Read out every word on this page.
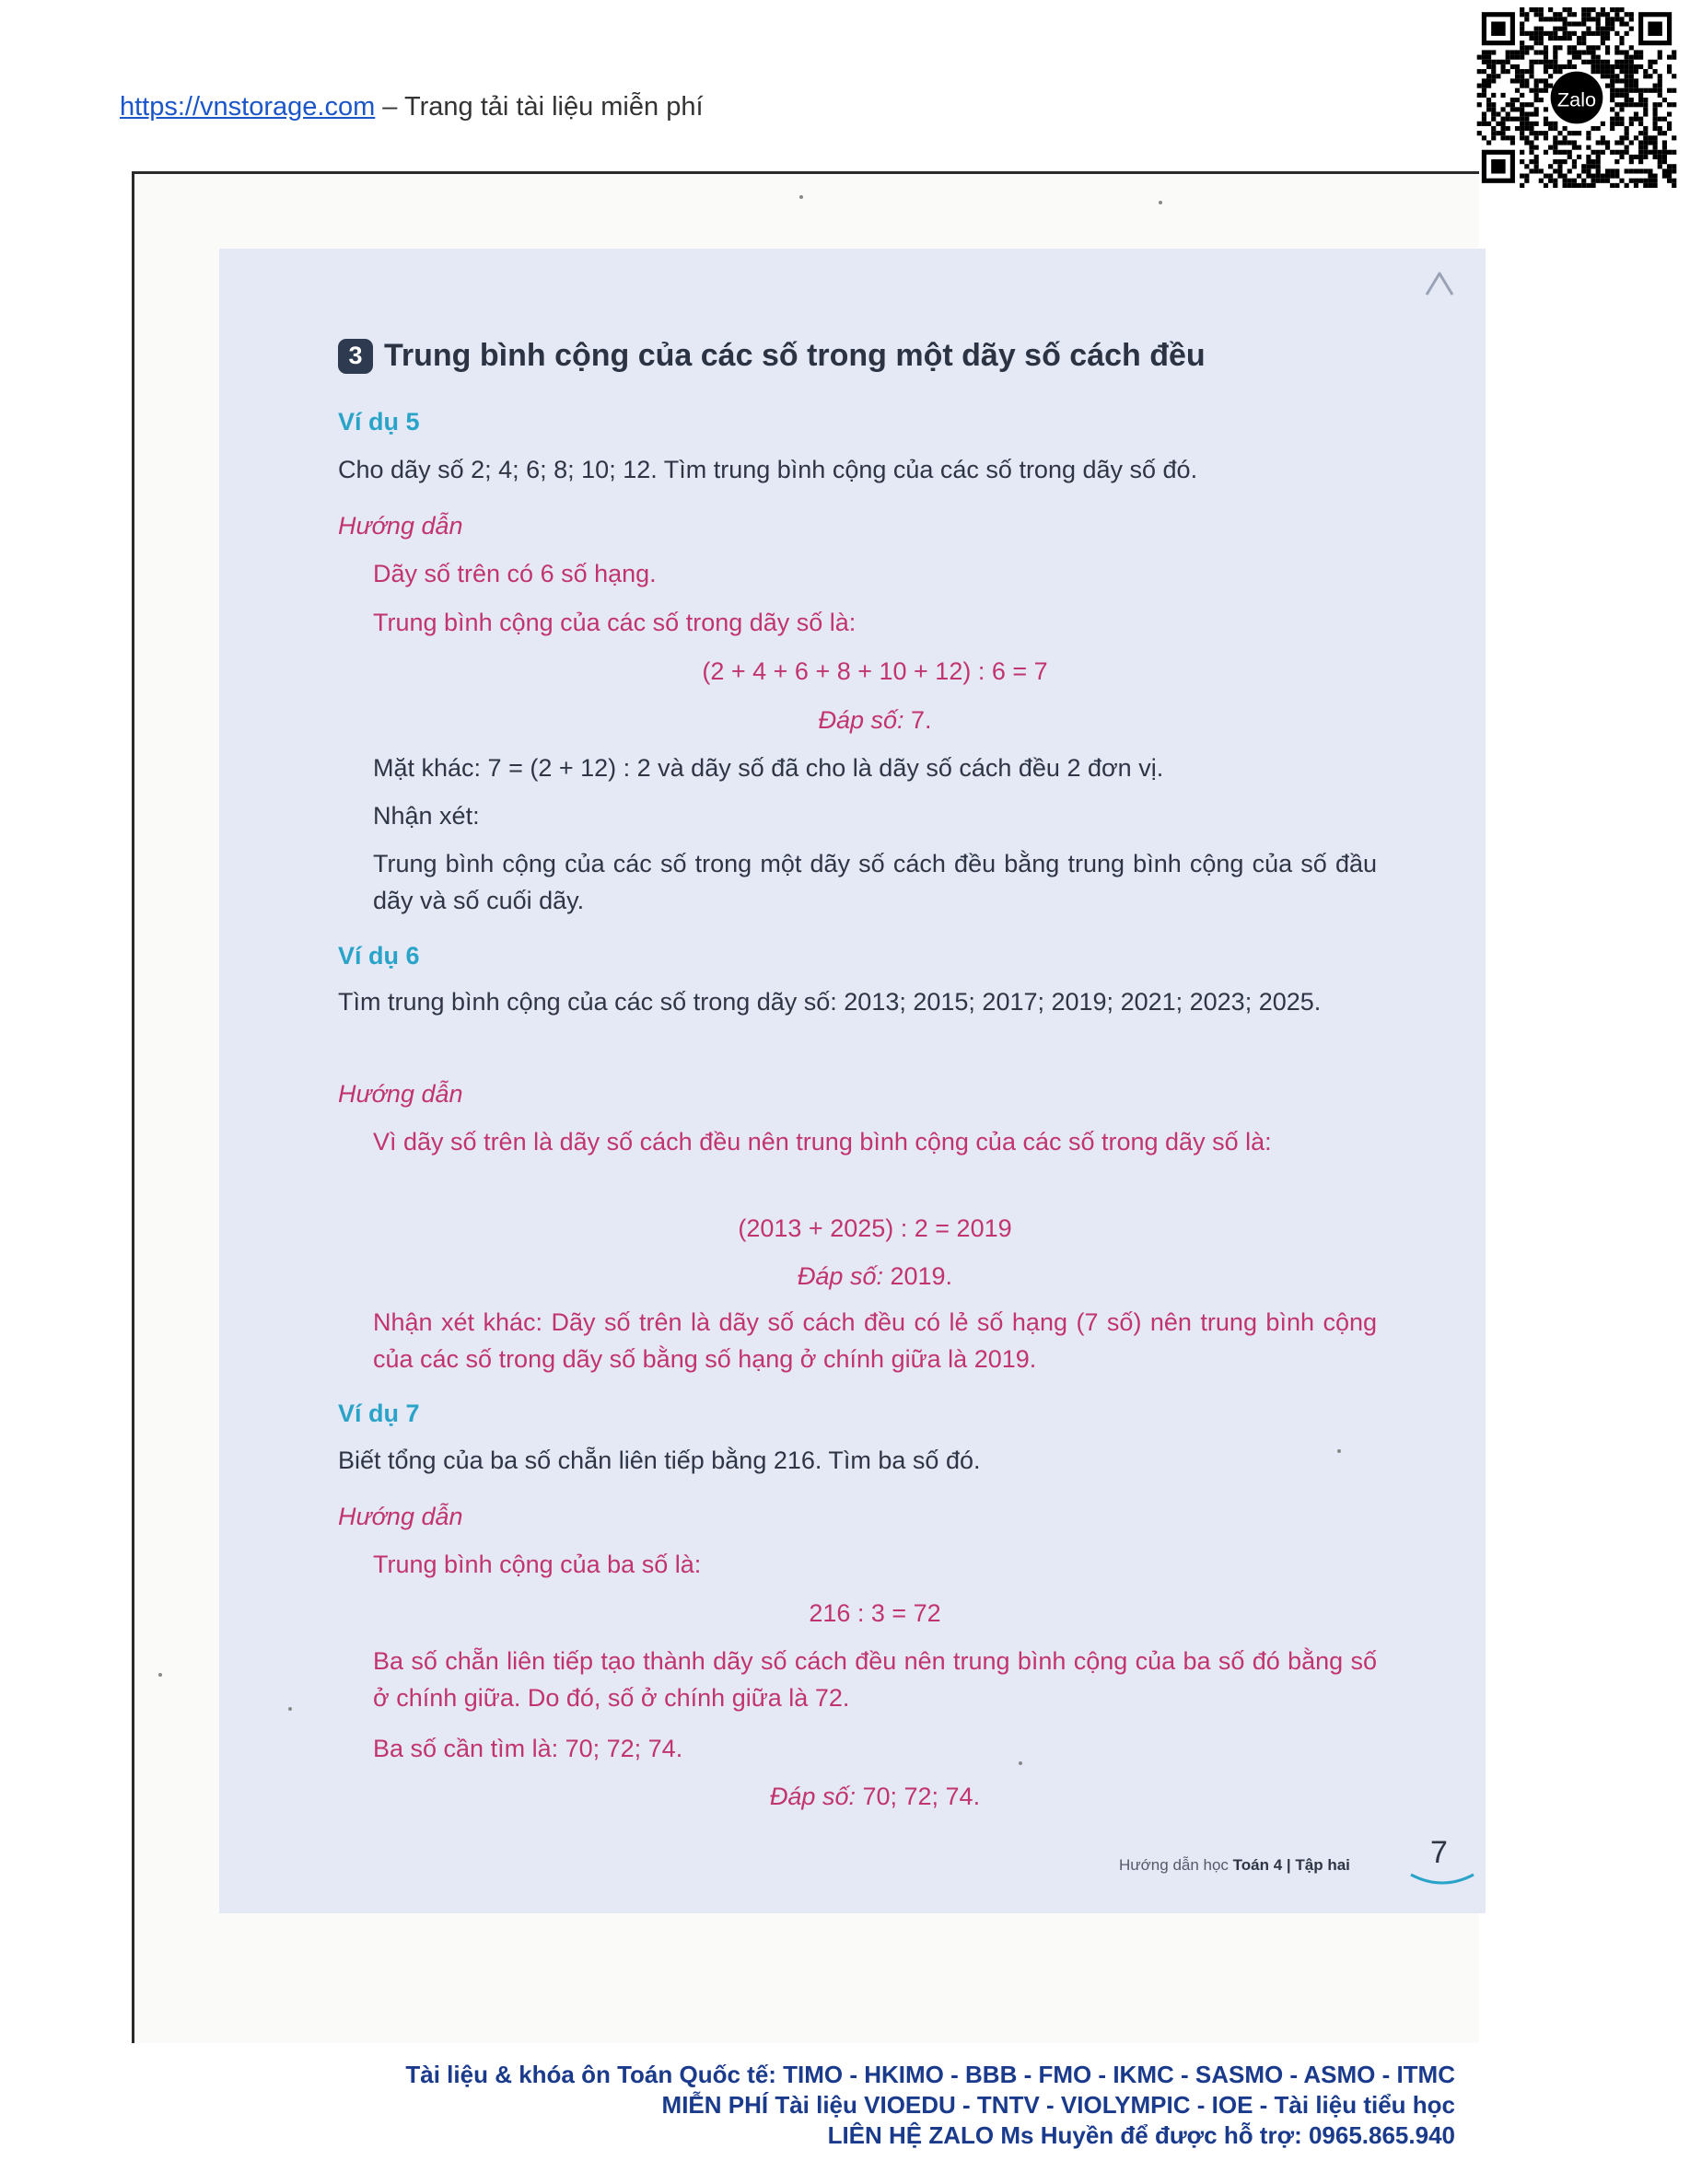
https://vnstorage.com – Trang tải tài liệu miễn phí	Zalo
3 Trung bình cộng của các số trong một dãy số cách đều
Ví dụ 5
Cho dãy số 2; 4; 6; 8; 10; 12. Tìm trung bình cộng của các số trong dãy số đó.
Hướng dẫn
Dãy số trên có 6 số hạng.
Trung bình cộng của các số trong dãy số là:
(2 + 4 + 6 + 8 + 10 + 12) : 6 = 7
Đáp số: 7.
Mặt khác: 7 = (2 + 12) : 2 và dãy số đã cho là dãy số cách đều 2 đơn vị.
Nhận xét:
Trung bình cộng của các số trong một dãy số cách đều bằng trung bình cộng của số đầu dãy và số cuối dãy.
Ví dụ 6
Tìm trung bình cộng của các số trong dãy số: 2013; 2015; 2017; 2019; 2021; 2023; 2025.
Hướng dẫn
Vì dãy số trên là dãy số cách đều nên trung bình cộng của các số trong dãy số là:
(2013 + 2025) : 2 = 2019
Đáp số: 2019.
Nhận xét khác: Dãy số trên là dãy số cách đều có lẻ số hạng (7 số) nên trung bình cộng của các số trong dãy số bằng số hạng ở chính giữa là 2019.
Ví dụ 7
Biết tổng của ba số chẵn liên tiếp bằng 216. Tìm ba số đó.
Hướng dẫn
Trung bình cộng của ba số là:
216 : 3 = 72
Ba số chẵn liên tiếp tạo thành dãy số cách đều nên trung bình cộng của ba số đó bằng số ở chính giữa. Do đó, số ở chính giữa là 72.
Ba số cần tìm là: 70; 72; 74.
Đáp số: 70; 72; 74.
Hướng dẫn học Toán 4 | Tập hai	7
Tài liệu & khóa ôn Toán Quốc tế: TIMO - HKIMO - BBB - FMO - IKMC - SASMO - ASMO - ITMC
MIỄN PHÍ Tài liệu VIOEDU - TNTV - VIOLYMPIC - IOE - Tài liệu tiểu học
LIÊN HỆ ZALO Ms Huyền để được hỗ trợ: 0965.865.940
